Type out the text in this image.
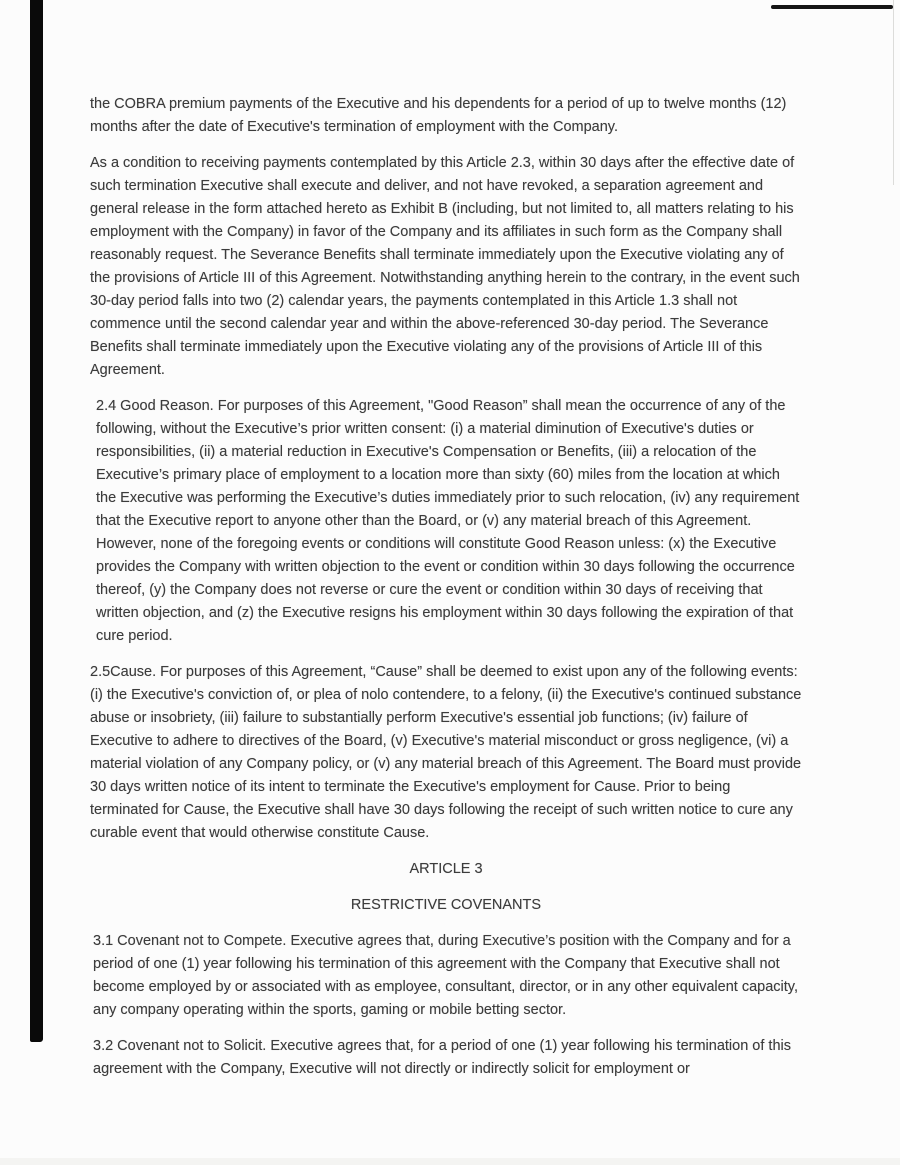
the COBRA premium payments of the Executive and his dependents for a period of up to twelve months (12) months after the date of Executive's termination of employment with the Company.

As a condition to receiving payments contemplated by this Article 2.3, within 30 days after the effective date of such termination Executive shall execute and deliver, and not have revoked, a separation agreement and general release in the form attached hereto as Exhibit B (including, but not limited to, all matters relating to his employment with the Company) in favor of the Company and its affiliates in such form as the Company shall reasonably request. The Severance Benefits shall terminate immediately upon the Executive violating any of the provisions of Article III of this Agreement. Notwithstanding anything herein to the contrary, in the event such 30-day period falls into two (2) calendar years, the payments contemplated in this Article 1.3 shall not commence until the second calendar year and within the above-referenced 30-day period. The Severance Benefits shall terminate immediately upon the Executive violating any of the provisions of Article III of this Agreement.

2.4 Good Reason. For purposes of this Agreement, "Good Reason” shall mean the occurrence of any of the following, without the Executive’s prior written consent: (i) a material diminution of Executive's duties or responsibilities, (ii) a material reduction in Executive's Compensation or Benefits, (iii) a relocation of the Executive’s primary place of employment to a location more than sixty (60) miles from the location at which the Executive was performing the Executive’s duties immediately prior to such relocation, (iv) any requirement that the Executive report to anyone other than the Board, or (v) any material breach of this Agreement. However, none of the foregoing events or conditions will constitute Good Reason unless: (x) the Executive provides the Company with written objection to the event or condition within 30 days following the occurrence thereof, (y) the Company does not reverse or cure the event or condition within 30 days of receiving that written objection, and (z) the Executive resigns his employment within 30 days following the expiration of that cure period.

2.5Cause. For purposes of this Agreement, “Cause” shall be deemed to exist upon any of the following events: (i) the Executive's conviction of, or plea of nolo contendere, to a felony, (ii) the Executive's continued substance abuse or insobriety, (iii) failure to substantially perform Executive's essential job functions; (iv) failure of Executive to adhere to directives of the Board, (v) Executive's material misconduct or gross negligence, (vi) a material violation of any Company policy, or (v) any material breach of this Agreement. The Board must provide 30 days written notice of its intent to terminate the Executive's employment for Cause. Prior to being terminated for Cause, the Executive shall have 30 days following the receipt of such written notice to cure any curable event that would otherwise constitute Cause.

ARTICLE 3

RESTRICTIVE COVENANTS

3.1 Covenant not to Compete. Executive agrees that, during Executive’s position with the Company and for a period of one (1) year following his termination of this agreement with the Company that Executive shall not become employed by or associated with as employee, consultant, director, or in any other equivalent capacity, any company operating within the sports, gaming or mobile betting sector.

3.2 Covenant not to Solicit. Executive agrees that, for a period of one (1) year following his termination of this agreement with the Company, Executive will not directly or indirectly solicit for employment or
